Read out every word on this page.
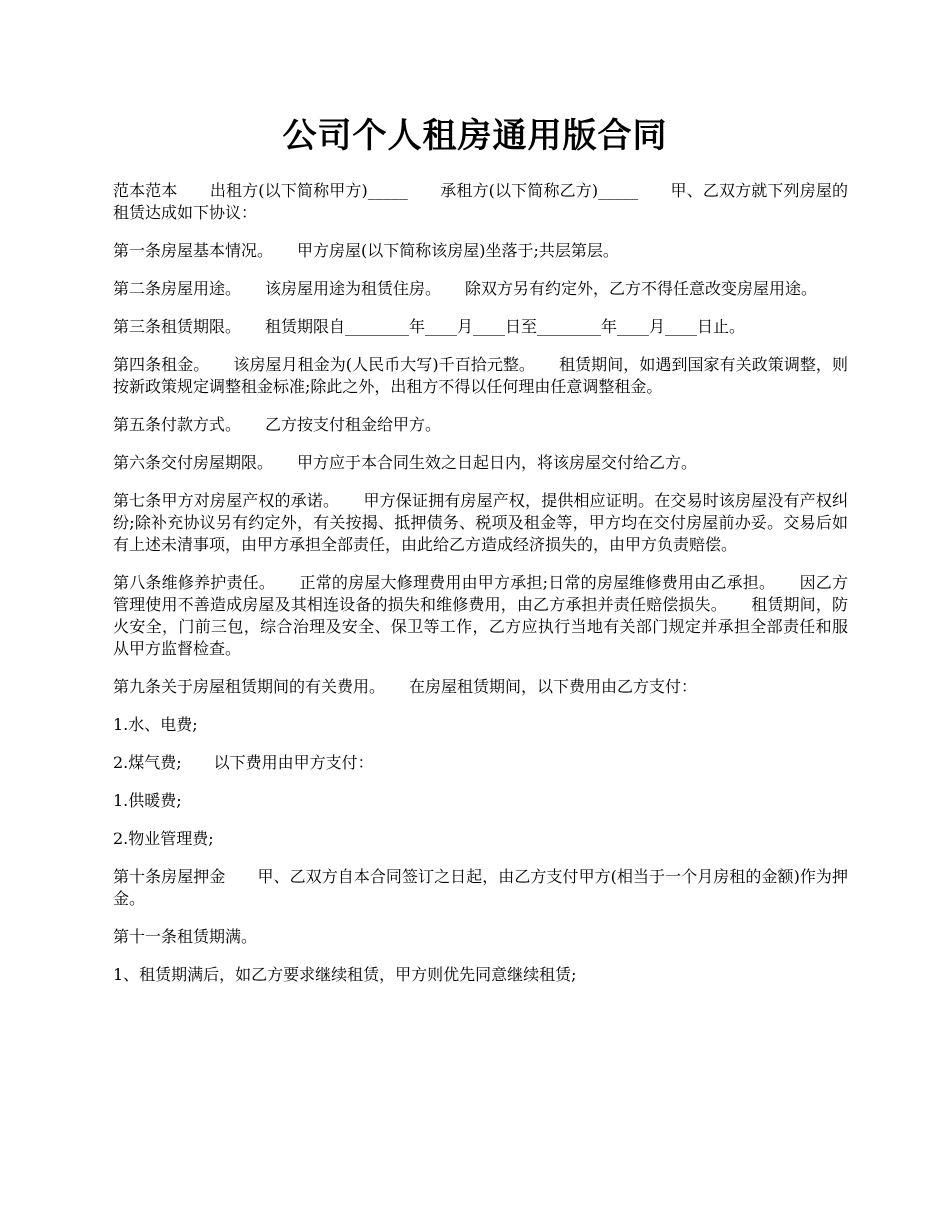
公司个人租房通用版合同

范本范本　　出租方(以下简称甲方)_____　　承租方(以下简称乙方)_____　　甲、乙双方就下列房屋的租赁达成如下协议：

第一条房屋基本情况。　　甲方房屋(以下简称该房屋)坐落于;共层第层。

第二条房屋用途。　　该房屋用途为租赁住房。　　除双方另有约定外，乙方不得任意改变房屋用途。

第三条租赁期限。　　租赁期限自________年____月____日至________年____月____日止。

第四条租金。　　该房屋月租金为(人民币大写)千百拾元整。　　租赁期间，如遇到国家有关政策调整，则按新政策规定调整租金标准;除此之外，出租方不得以任何理由任意调整租金。

第五条付款方式。　　乙方按支付租金给甲方。

第六条交付房屋期限。　　甲方应于本合同生效之日起日内，将该房屋交付给乙方。

第七条甲方对房屋产权的承诺。　　甲方保证拥有房屋产权，提供相应证明。在交易时该房屋没有产权纠纷;除补充协议另有约定外，有关按揭、抵押债务、税项及租金等，甲方均在交付房屋前办妥。交易后如有上述未清事项，由甲方承担全部责任，由此给乙方造成经济损失的，由甲方负责赔偿。

第八条维修养护责任。　　正常的房屋大修理费用由甲方承担;日常的房屋维修费用由乙承担。　　因乙方管理使用不善造成房屋及其相连设备的损失和维修费用，由乙方承担并责任赔偿损失。　　租赁期间，防火安全，门前三包，综合治理及安全、保卫等工作，乙方应执行当地有关部门规定并承担全部责任和服从甲方监督检查。

第九条关于房屋租赁期间的有关费用。　　在房屋租赁期间，以下费用由乙方支付：

1.水、电费;

2.煤气费;　　以下费用由甲方支付：

1.供暖费;

2.物业管理费;

第十条房屋押金　　甲、乙双方自本合同签订之日起，由乙方支付甲方(相当于一个月房租的金额)作为押金。

第十一条租赁期满。

1、租赁期满后，如乙方要求继续租赁，甲方则优先同意继续租赁;
